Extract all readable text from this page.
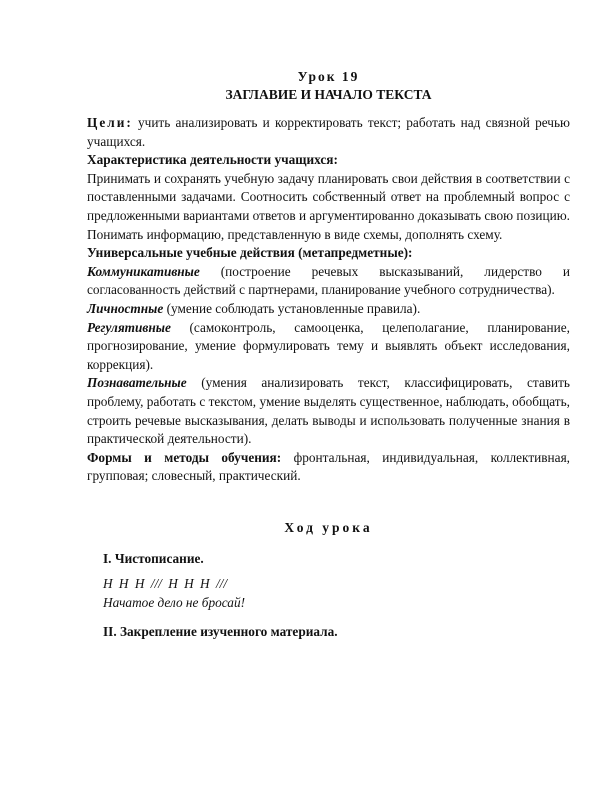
Урок 19
ЗАГЛАВИЕ И НАЧАЛО ТЕКСТА

Цели: учить анализировать и корректировать текст; работать над связной речью учащихся.

Характеристика деятельности учащихся:

Принимать и сохранять учебную задачу планировать свои действия в соответствии с поставленными задачами. Соотносить собственный ответ на проблемный вопрос с предложенными вариантами ответов и аргументированно доказывать свою позицию. Понимать информацию, представленную в виде схемы, дополнять схему.

Универсальные учебные действия (метапредметные):

Коммуникативные (построение речевых высказываний, лидерство и согласованность действий с партнерами, планирование учебного сотрудничества).

Личностные (умение соблюдать установленные правила).

Регулятивные (самоконтроль, самооценка, целеполагание, планирование, прогнозирование, умение формулировать тему и выявлять объект исследования, коррекция).

Познавательные (умения анализировать текст, классифицировать, ставить проблему, работать с текстом, умение выделять существенное, наблюдать, обобщать, строить речевые высказывания, делать выводы и использовать полученные знания в практической деятельности).

Формы и методы обучения: фронтальная, индивидуальная, коллективная, групповая; словесный, практический.

Ход урока

I. Чистописание.

Н Н Н /// Н Н Н ///

Начатое дело не бросай!

II. Закрепление изученного материала.
